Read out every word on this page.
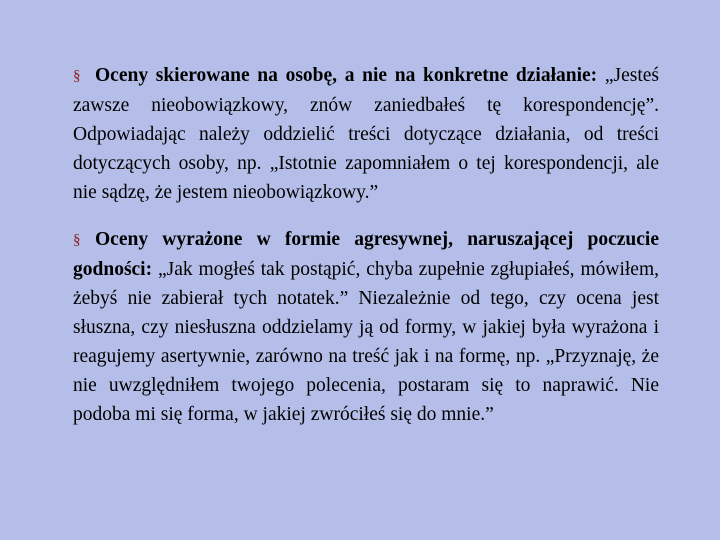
§ Oceny skierowane na osobę, a nie na konkretne działanie: „Jesteś zawsze nieobowiązkowy, znów zaniedbałeś tę korespondencję”. Odpowiadając należy oddzielić treści dotyczące działania, od treści dotyczących osoby, np. „Istotnie zapomniałem o tej korespondencji, ale nie sądzę, że jestem nieobowiązkowy.”

§ Oceny wyrażone w formie agresywnej, naruszającej poczucie godności: „Jak mogłeś tak postąpić, chyba zupełnie zgłupiałeś, mówiłem, żebyś nie zabierał tych notatek.” Niezależnie od tego, czy ocena jest słuszna, czy niesłuszna oddzielamy ją od formy, w jakiej była wyrażona i reagujemy asertywnie, zarówno na treść jak i na formę, np. „Przyznaję, że nie uwzględniłem twojego polecenia, postaram się to naprawić. Nie podoba mi się forma, w jakiej zwróciłeś się do mnie.”
